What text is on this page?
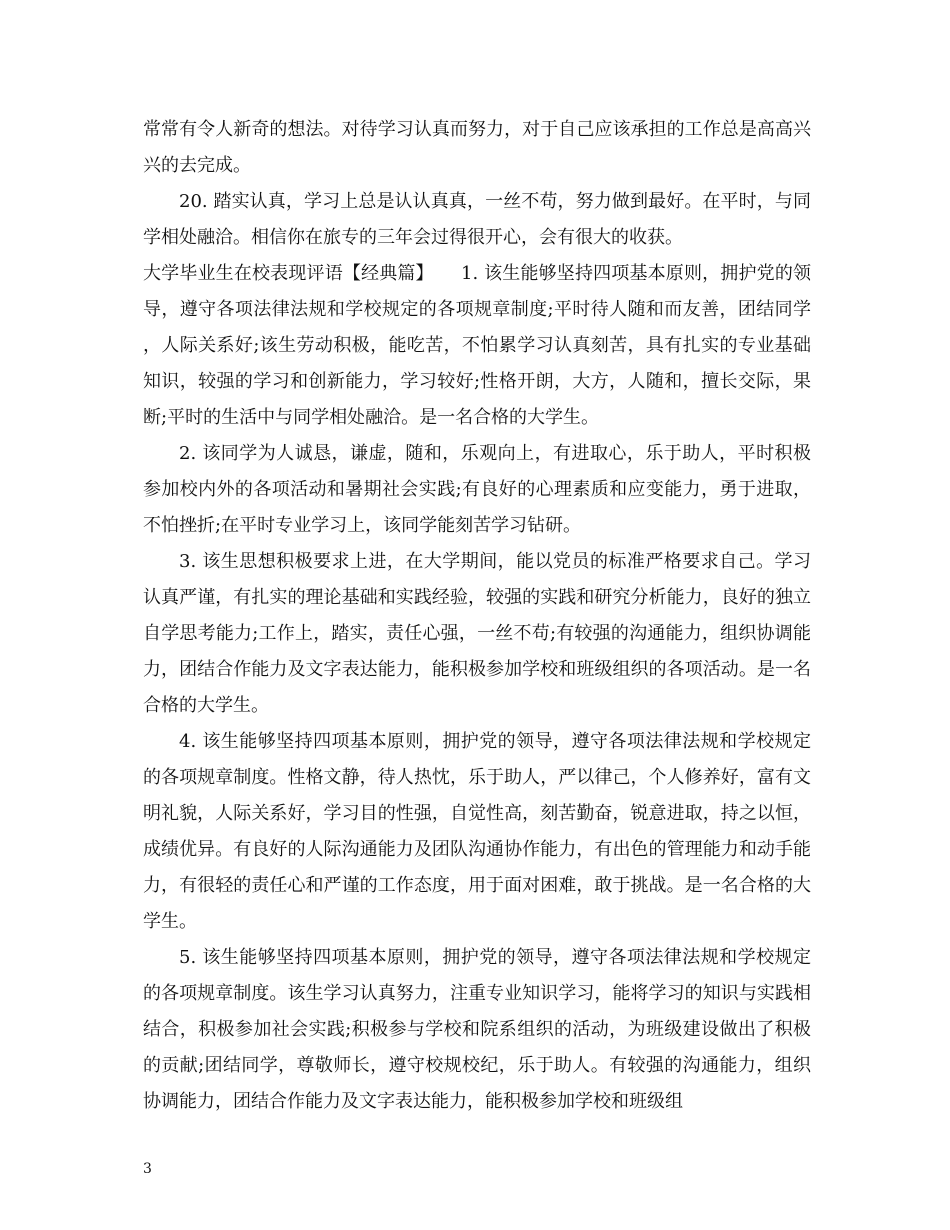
常常有令人新奇的想法。对待学习认真而努力，对于自己应该承担的工作总是高高兴兴的去完成。

20. 踏实认真，学习上总是认认真真，一丝不苟，努力做到最好。在平时，与同学相处融洽。相信你在旅专的三年会过得很开心，会有很大的收获。

大学毕业生在校表现评语【经典篇】　　1. 该生能够坚持四项基本原则，拥护党的领导，遵守各项法律法规和学校规定的各项规章制度;平时待人随和而友善，团结同学，人际关系好;该生劳动积极，能吃苦，不怕累学习认真刻苦，具有扎实的专业基础知识，较强的学习和创新能力，学习较好;性格开朗，大方，人随和，擅长交际，果断;平时的生活中与同学相处融洽。是一名合格的大学生。

2. 该同学为人诚恳，谦虚，随和，乐观向上，有进取心，乐于助人，平时积极参加校内外的各项活动和暑期社会实践;有良好的心理素质和应变能力，勇于进取，不怕挫折;在平时专业学习上，该同学能刻苦学习钻研。

3. 该生思想积极要求上进，在大学期间，能以党员的标准严格要求自己。学习认真严谨，有扎实的理论基础和实践经验，较强的实践和研究分析能力，良好的独立自学思考能力;工作上，踏实，责任心强，一丝不苟;有较强的沟通能力，组织协调能力，团结合作能力及文字表达能力，能积极参加学校和班级组织的各项活动。是一名合格的大学生。

4. 该生能够坚持四项基本原则，拥护党的领导，遵守各项法律法规和学校规定的各项规章制度。性格文静，待人热忱，乐于助人，严以律己，个人修养好，富有文明礼貌，人际关系好，学习目的性强，自觉性高，刻苦勤奋，锐意进取，持之以恒，成绩优异。有良好的人际沟通能力及团队沟通协作能力，有出色的管理能力和动手能力，有很轻的责任心和严谨的工作态度，用于面对困难，敢于挑战。是一名合格的大学生。

5. 该生能够坚持四项基本原则，拥护党的领导，遵守各项法律法规和学校规定的各项规章制度。该生学习认真努力，注重专业知识学习，能将学习的知识与实践相结合，积极参加社会实践;积极参与学校和院系组织的活动，为班级建设做出了积极的贡献;团结同学，尊敬师长，遵守校规校纪，乐于助人。有较强的沟通能力，组织协调能力，团结合作能力及文字表达能力，能积极参加学校和班级组

3
